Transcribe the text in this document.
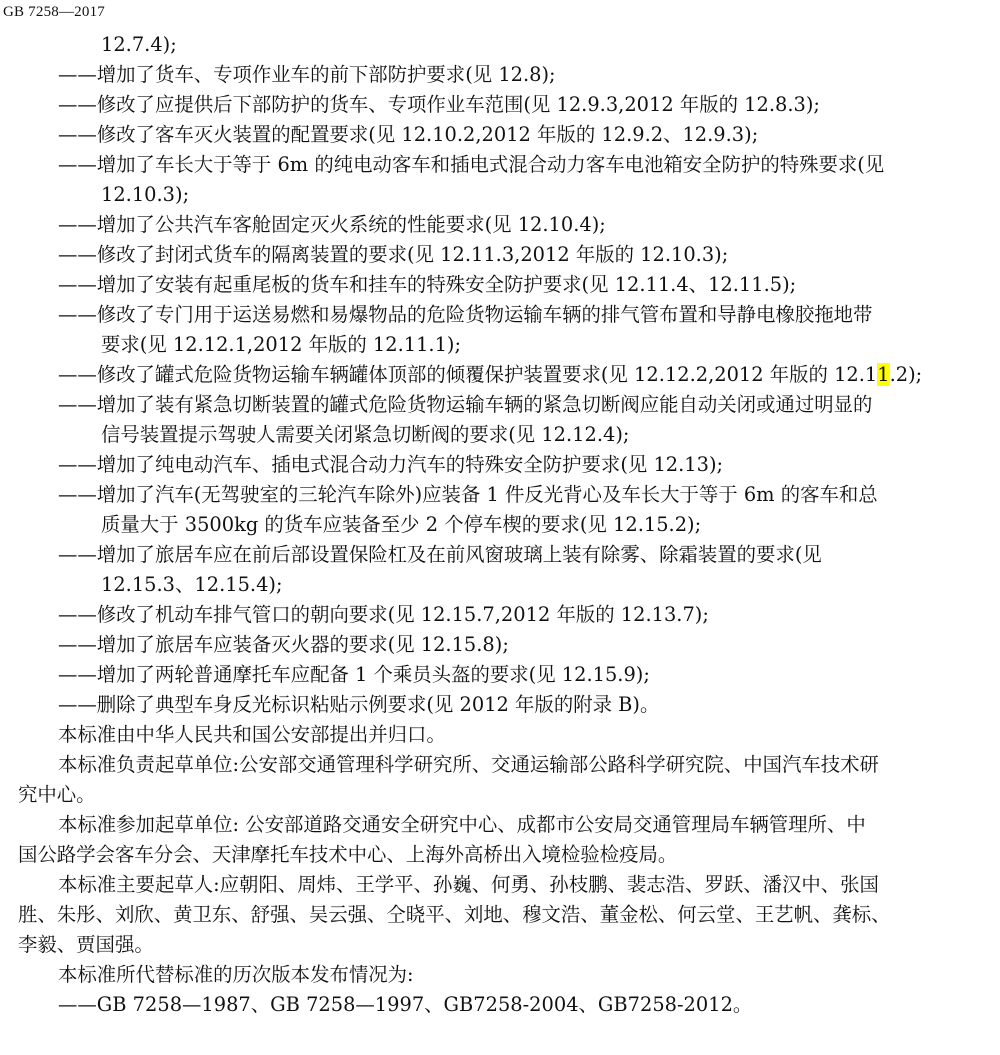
GB 7258—2017
12.7.4);
——增加了货车、专项作业车的前下部防护要求(见 12.8);
——修改了应提供后下部防护的货车、专项作业车范围(见 12.9.3,2012 年版的 12.8.3);
——修改了客车灭火装置的配置要求(见 12.10.2,2012 年版的 12.9.2、12.9.3);
——增加了车长大于等于 6m 的纯电动客车和插电式混合动力客车电池箱安全防护的特殊要求(见
12.10.3);
——增加了公共汽车客舱固定灭火系统的性能要求(见 12.10.4);
——修改了封闭式货车的隔离装置的要求(见 12.11.3,2012 年版的 12.10.3);
——增加了安装有起重尾板的货车和挂车的特殊安全防护要求(见 12.11.4、12.11.5);
——修改了专门用于运送易燃和易爆物品的危险货物运输车辆的排气管布置和导静电橡胶拖地带
要求(见 12.12.1,2012 年版的 12.11.1);
——修改了罐式危险货物运输车辆罐体顶部的倾覆保护装置要求(见 12.12.2,2012 年版的 12.11.2);
——增加了装有紧急切断装置的罐式危险货物运输车辆的紧急切断阀应能自动关闭或通过明显的
信号装置提示驾驶人需要关闭紧急切断阀的要求(见 12.12.4);
——增加了纯电动汽车、插电式混合动力汽车的特殊安全防护要求(见 12.13);
——增加了汽车(无驾驶室的三轮汽车除外)应装备 1 件反光背心及车长大于等于 6m 的客车和总
质量大于 3500kg 的货车应装备至少 2 个停车楔的要求(见 12.15.2);
——增加了旅居车应在前后部设置保险杠及在前风窗玻璃上装有除雾、除霜装置的要求(见
12.15.3、12.15.4);
——修改了机动车排气管口的朝向要求(见 12.15.7,2012 年版的 12.13.7);
——增加了旅居车应装备灭火器的要求(见 12.15.8);
——增加了两轮普通摩托车应配备 1 个乘员头盔的要求(见 12.15.9);
——删除了典型车身反光标识粘贴示例要求(见 2012 年版的附录 B)。
本标准由中华人民共和国公安部提出并归口。
本标准负责起草单位:公安部交通管理科学研究所、交通运输部公路科学研究院、中国汽车技术研
究中心。
本标准参加起草单位: 公安部道路交通安全研究中心、成都市公安局交通管理局车辆管理所、中
国公路学会客车分会、天津摩托车技术中心、上海外高桥出入境检验检疫局。
本标准主要起草人:应朝阳、周炜、王学平、孙巍、何勇、孙枝鹏、裴志浩、罗跃、潘汉中、张国
胜、朱彤、刘欣、黄卫东、舒强、吴云强、仝晓平、刘地、穆文浩、董金松、何云堂、王艺帆、龚标、
李毅、贾国强。
本标准所代替标准的历次版本发布情况为:
——GB 7258—1987、GB 7258—1997、GB7258-2004、GB7258-2012。
